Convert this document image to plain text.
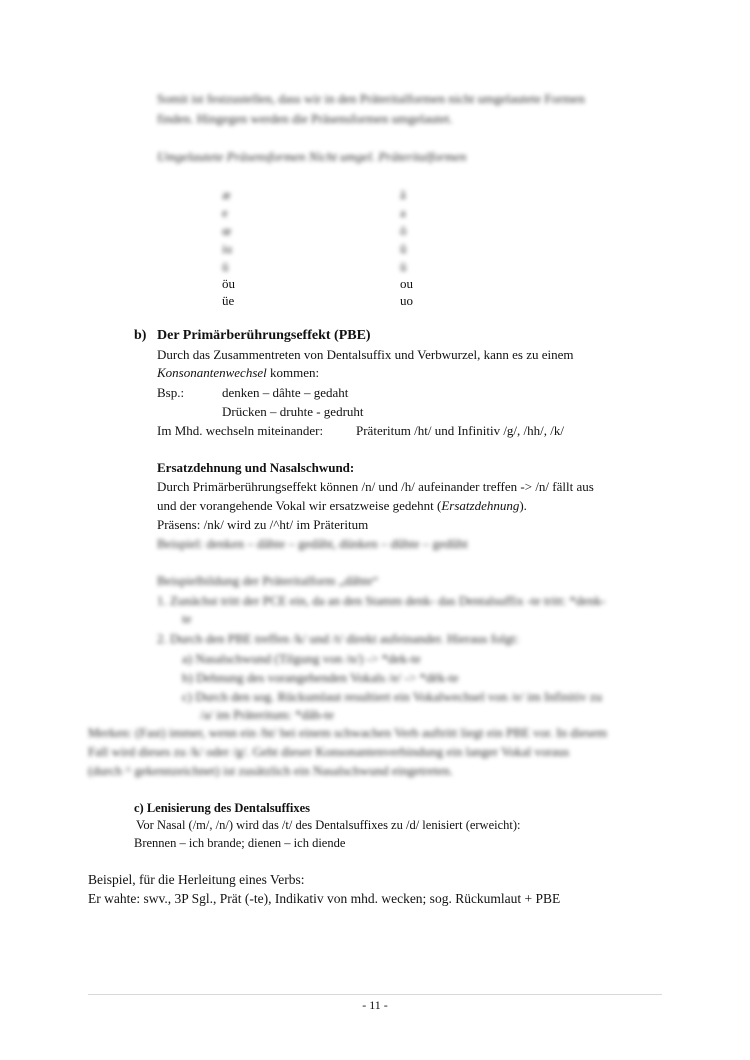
Somit ist festzustellen, dass wir in den Präteritalformen nicht umgelautete Formen
finden. Hingegen werden die Präsensformen umgelautet.
Umgelautete Präsensformen Nicht umgel. Präteritalformen
æ	â
e	a
œ	ô
iu	û
ü	ū
öu	ou
üe	uo
b) Der Primärberührungseffekt (PBE)
Durch das Zusammentreten von Dentalsuffix und Verbwurzel, kann es zu einem
Konsonantenwechsel kommen:
Bsp.:	denken – dâhte – gedaht
Drücken – druhte - gedruht
Im Mhd. wechseln miteinander:	Präteritum /ht/ und Infinitiv /g/, /hh/, /k/
Ersatzdehnung und Nasalschwund:
Durch Primärberührungseffekt können /n/ und /h/ aufeinander treffen -> /n/ fällt aus
und der vorangehende Vokal wir ersatzweise gedehnt (Ersatzdehnung).
Präsens: /nk/ wird zu /^ht/ im Präteritum
Beispiel: denken – dâhte – gedâht, dünken – dûhte – gedûht
Beispielbildung der Präteritalform „dâhte“
1. Zunächst tritt der PCE ein, da an den Stamm denk- das Dentalsuffix -te tritt: *denk-
te
2. Durch den PBE treffen /k/ und /t/ direkt aufeinander. Hieraus folgt:
a) Nasalschwund (Tilgung von /n/) -> *dek-te
b) Dehnung des vorangehenden Vokals /e/ -> *dēk-te
c) Durch den sog. Rückumlaut resultiert ein Vokalwechsel von /e/ im Infinitiv zu
/a/ im Präteritum: *dâh-te
Merken: (Fast) immer, wenn ein /ht/ bei einem schwachen Verb auftritt liegt ein PBE vor. In diesem
Fall wird dieses zu /k/ oder /g/. Geht dieser Konsonantenverbindung ein langer Vokal voraus
(durch ^ gekennzeichnet) ist zusätzlich ein Nasalschwund eingetreten.
c) Lenisierung des Dentalsuffixes
Vor Nasal (/m/, /n/) wird das /t/ des Dentalsuffixes zu /d/ lenisiert (erweicht):
Brennen – ich brande; dienen – ich diende
Beispiel, für die Herleitung eines Verbs:
Er wahte: swv., 3P Sgl., Prät (-te), Indikativ von mhd. wecken; sog. Rückumlaut + PBE
- 11 -
